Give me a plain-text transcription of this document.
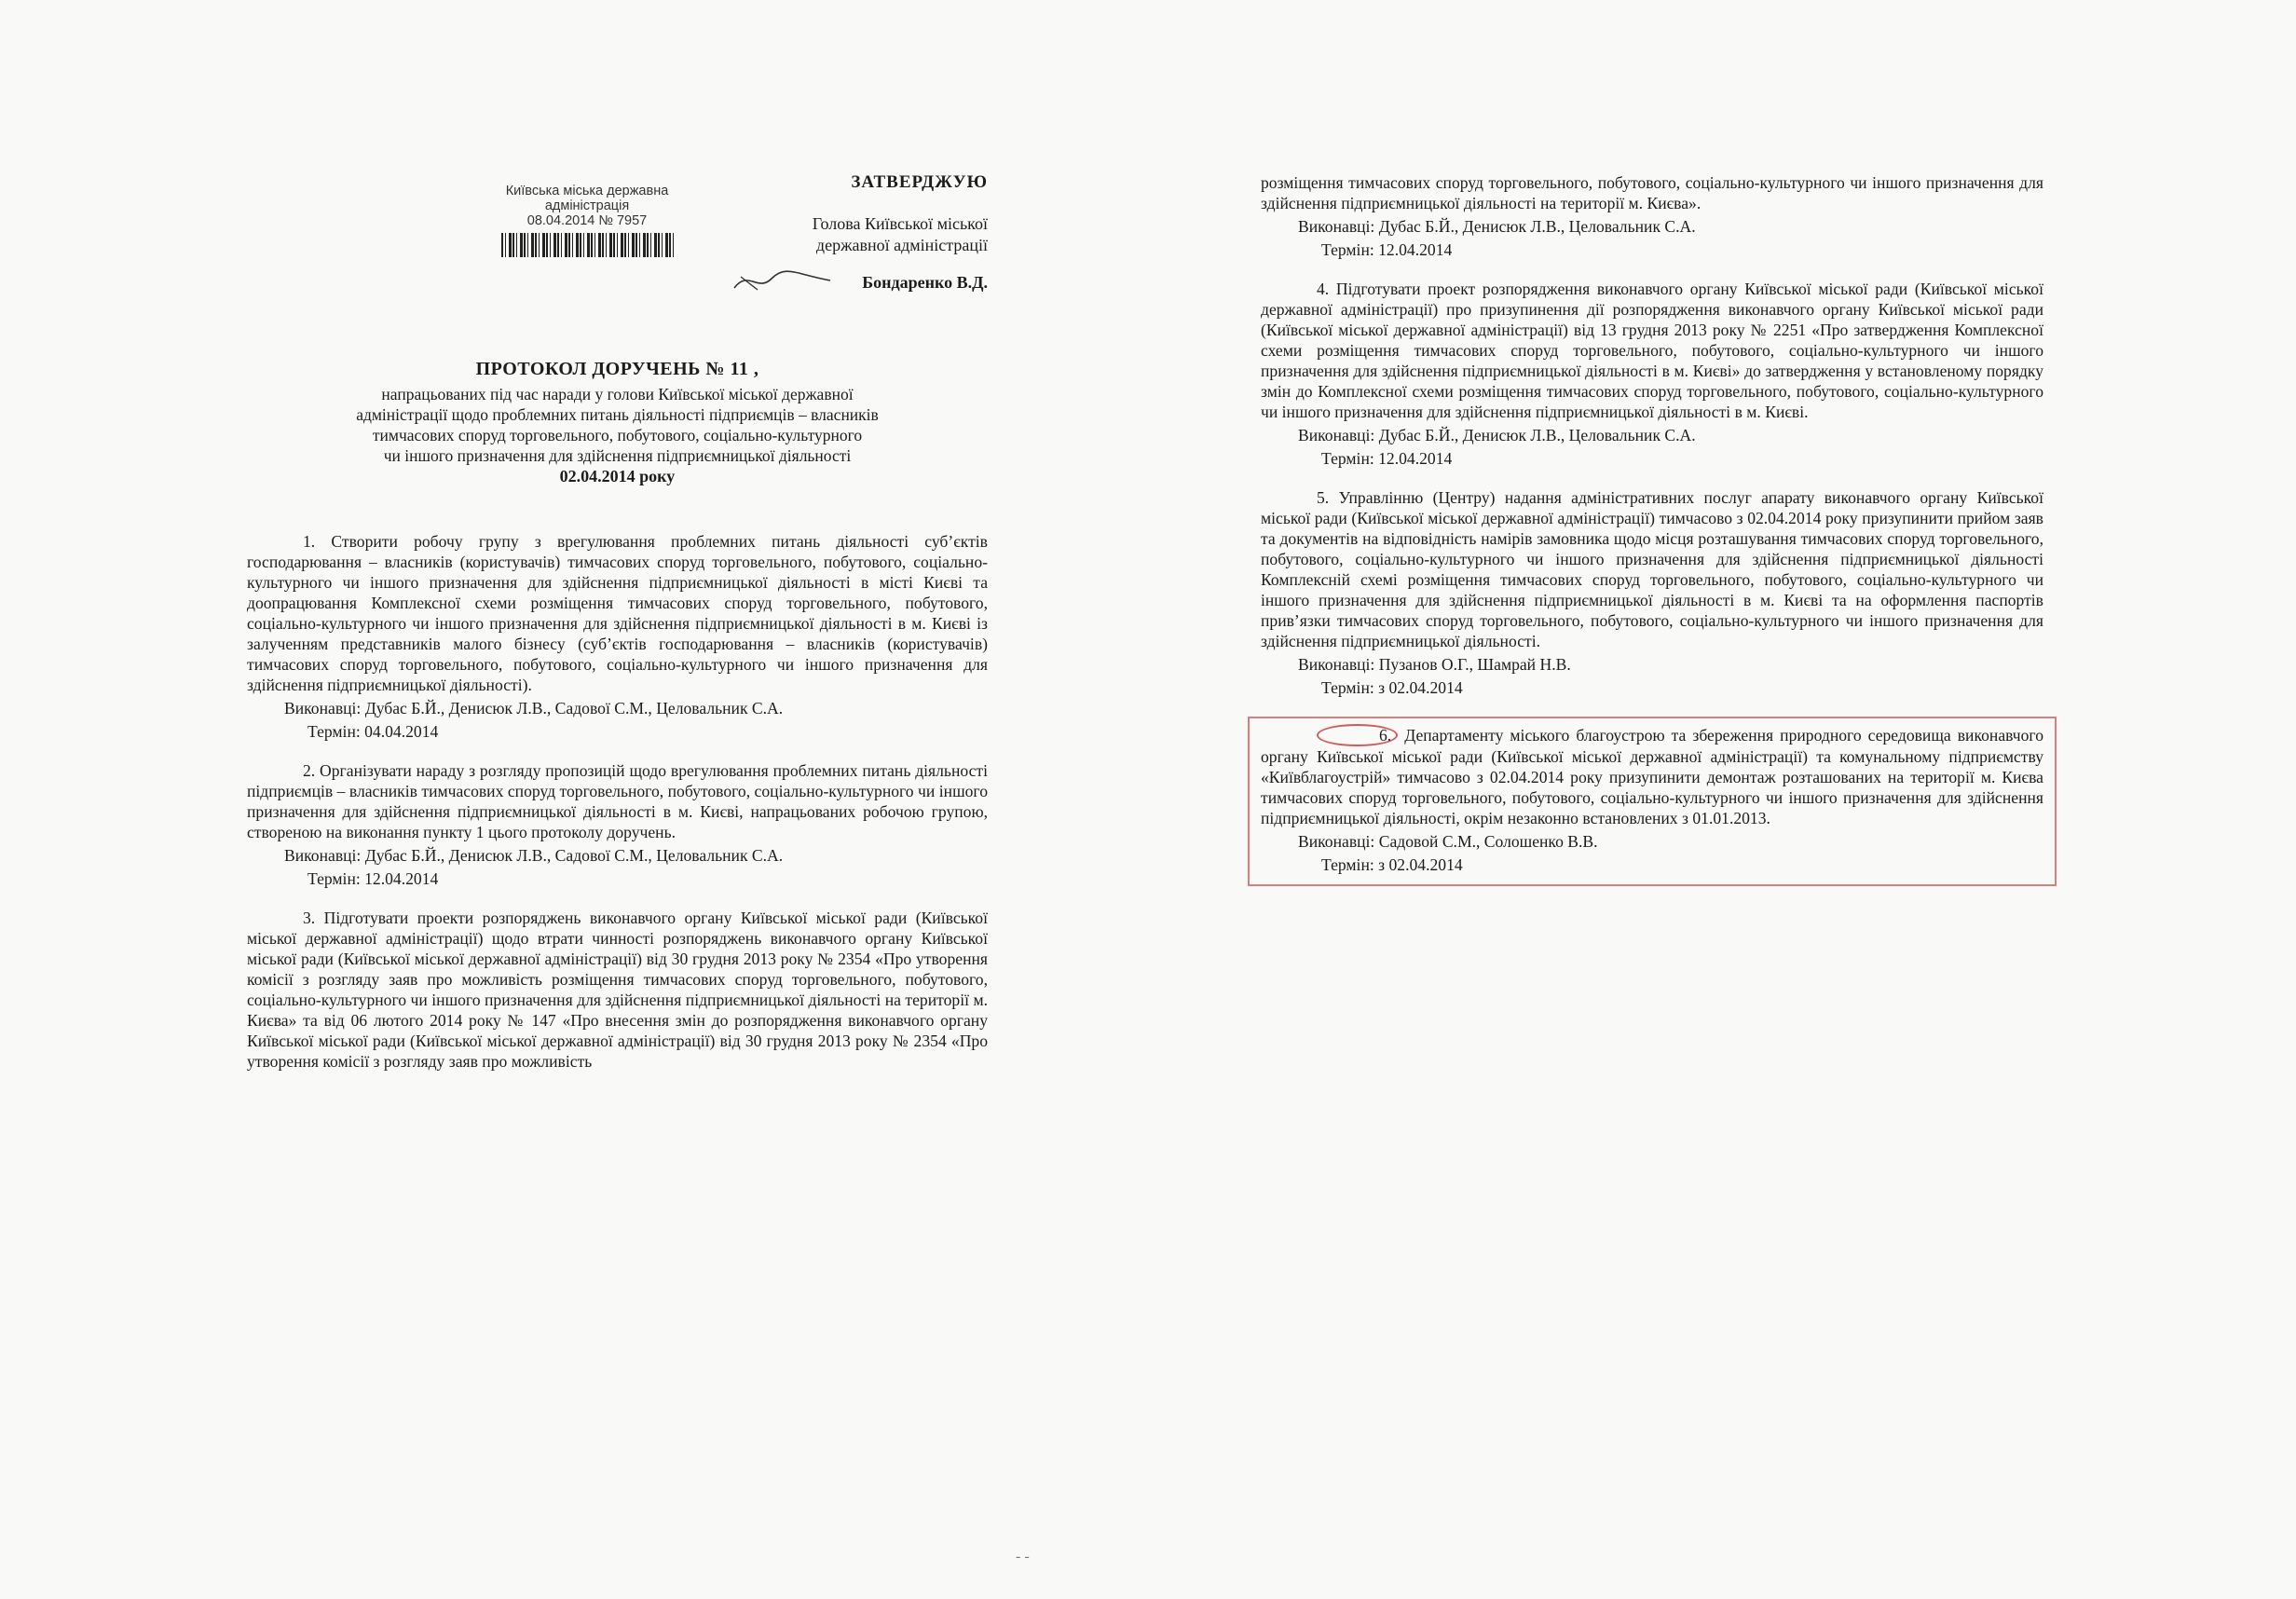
Київська міська державна
адміністрація
08.04.2014 № 7957
ЗАТВЕРДЖУЮ
Голова Київської міської
державної адміністрації
Бондаренко В.Д.
ПРОТОКОЛ ДОРУЧЕНЬ № 11 ,
напрацьованих під час наради у голови Київської міської державної
адміністрації щодо проблемних питань діяльності підприємців – власників
тимчасових споруд торговельного, побутового, соціально-культурного
чи іншого призначення для здійснення підприємницької діяльності
02.04.2014 року

1. Створити робочу групу з врегулювання проблемних питань діяльності суб’єктів господарювання – власників (користувачів) тимчасових споруд торговельного, побутового, соціально-культурного чи іншого призначення для здійснення підприємницької діяльності в місті Києві та доопрацювання Комплексної схеми розміщення тимчасових споруд торговельного, побутового, соціально-культурного чи іншого призначення для здійснення підприємницької діяльності в м. Києві із залученням представників малого бізнесу (суб’єктів господарювання – власників (користувачів) тимчасових споруд торговельного, побутового, соціально-культурного чи іншого призначення для здійснення підприємницької діяльності).

Виконавці: Дубас Б.Й., Денисюк Л.В., Садової С.М., Целовальник С.А.
Термін: 04.04.2014

2. Організувати нараду з розгляду пропозицій щодо врегулювання проблемних питань діяльності підприємців – власників тимчасових споруд торговельного, побутового, соціально-культурного чи іншого призначення для здійснення підприємницької діяльності в м. Києві, напрацьованих робочою групою, створеною на виконання пункту 1 цього протоколу доручень.

Виконавці: Дубас Б.Й., Денисюк Л.В., Садової С.М., Целовальник С.А.
Термін: 12.04.2014

3. Підготувати проекти розпоряджень виконавчого органу Київської міської ради (Київської міської державної адміністрації) щодо втрати чинності розпоряджень виконавчого органу Київської міської ради (Київської міської державної адміністрації) від 30 грудня 2013 року № 2354 «Про утворення комісії з розгляду заяв про можливість розміщення тимчасових споруд торговельного, побутового, соціально-культурного чи іншого призначення для здійснення підприємницької діяльності на території м. Києва» та від 06 лютого 2014 року № 147 «Про внесення змін до розпорядження виконавчого органу Київської міської ради (Київської міської державної адміністрації) від 30 грудня 2013 року № 2354 «Про утворення комісії з розгляду заяв про можливість

розміщення тимчасових споруд торговельного, побутового, соціально-культурного чи іншого призначення для здійснення підприємницької діяльності на території м. Києва».

Виконавці: Дубас Б.Й., Денисюк Л.В., Целовальник С.А.
Термін: 12.04.2014

4. Підготувати проект розпорядження виконавчого органу Київської міської ради (Київської міської державної адміністрації) про призупинення дії розпорядження виконавчого органу Київської міської ради (Київської міської державної адміністрації) від 13 грудня 2013 року № 2251 «Про затвердження Комплексної схеми розміщення тимчасових споруд торговельного, побутового, соціально-культурного чи іншого призначення для здійснення підприємницької діяльності в м. Києві» до затвердження у встановленому порядку змін до Комплексної схеми розміщення тимчасових споруд торговельного, побутового, соціально-культурного чи іншого призначення для здійснення підприємницької діяльності в м. Києві.

Виконавці: Дубас Б.Й., Денисюк Л.В., Целовальник С.А.
Термін: 12.04.2014

5. Управлінню (Центру) надання адміністративних послуг апарату виконавчого органу Київської міської ради (Київської міської державної адміністрації) тимчасово з 02.04.2014 року призупинити прийом заяв та документів на відповідність намірів замовника щодо місця розташування тимчасових споруд торговельного, побутового, соціально-культурного чи іншого призначення для здійснення підприємницької діяльності Комплексній схемі розміщення тимчасових споруд торговельного, побутового, соціально-культурного чи іншого призначення для здійснення підприємницької діяльності в м. Києві та на оформлення паспортів прив’язки тимчасових споруд торговельного, побутового, соціально-культурного чи іншого призначення для здійснення підприємницької діяльності.

Виконавці: Пузанов О.Г., Шамрай Н.В.
Термін: з 02.04.2014

6. Департаменту міського благоустрою та збереження природного середовища виконавчого органу Київської міської ради (Київської міської державної адміністрації) та комунальному підприємству «Київблагоустрій» тимчасово з 02.04.2014 року призупинити демонтаж розташованих на території м. Києва тимчасових споруд торговельного, побутового, соціально-культурного чи іншого призначення для здійснення підприємницької діяльності, окрім незаконно встановлених з 01.01.2013.

Виконавці: Садовой С.М., Солошенко В.В.
Термін: з 02.04.2014
- -
